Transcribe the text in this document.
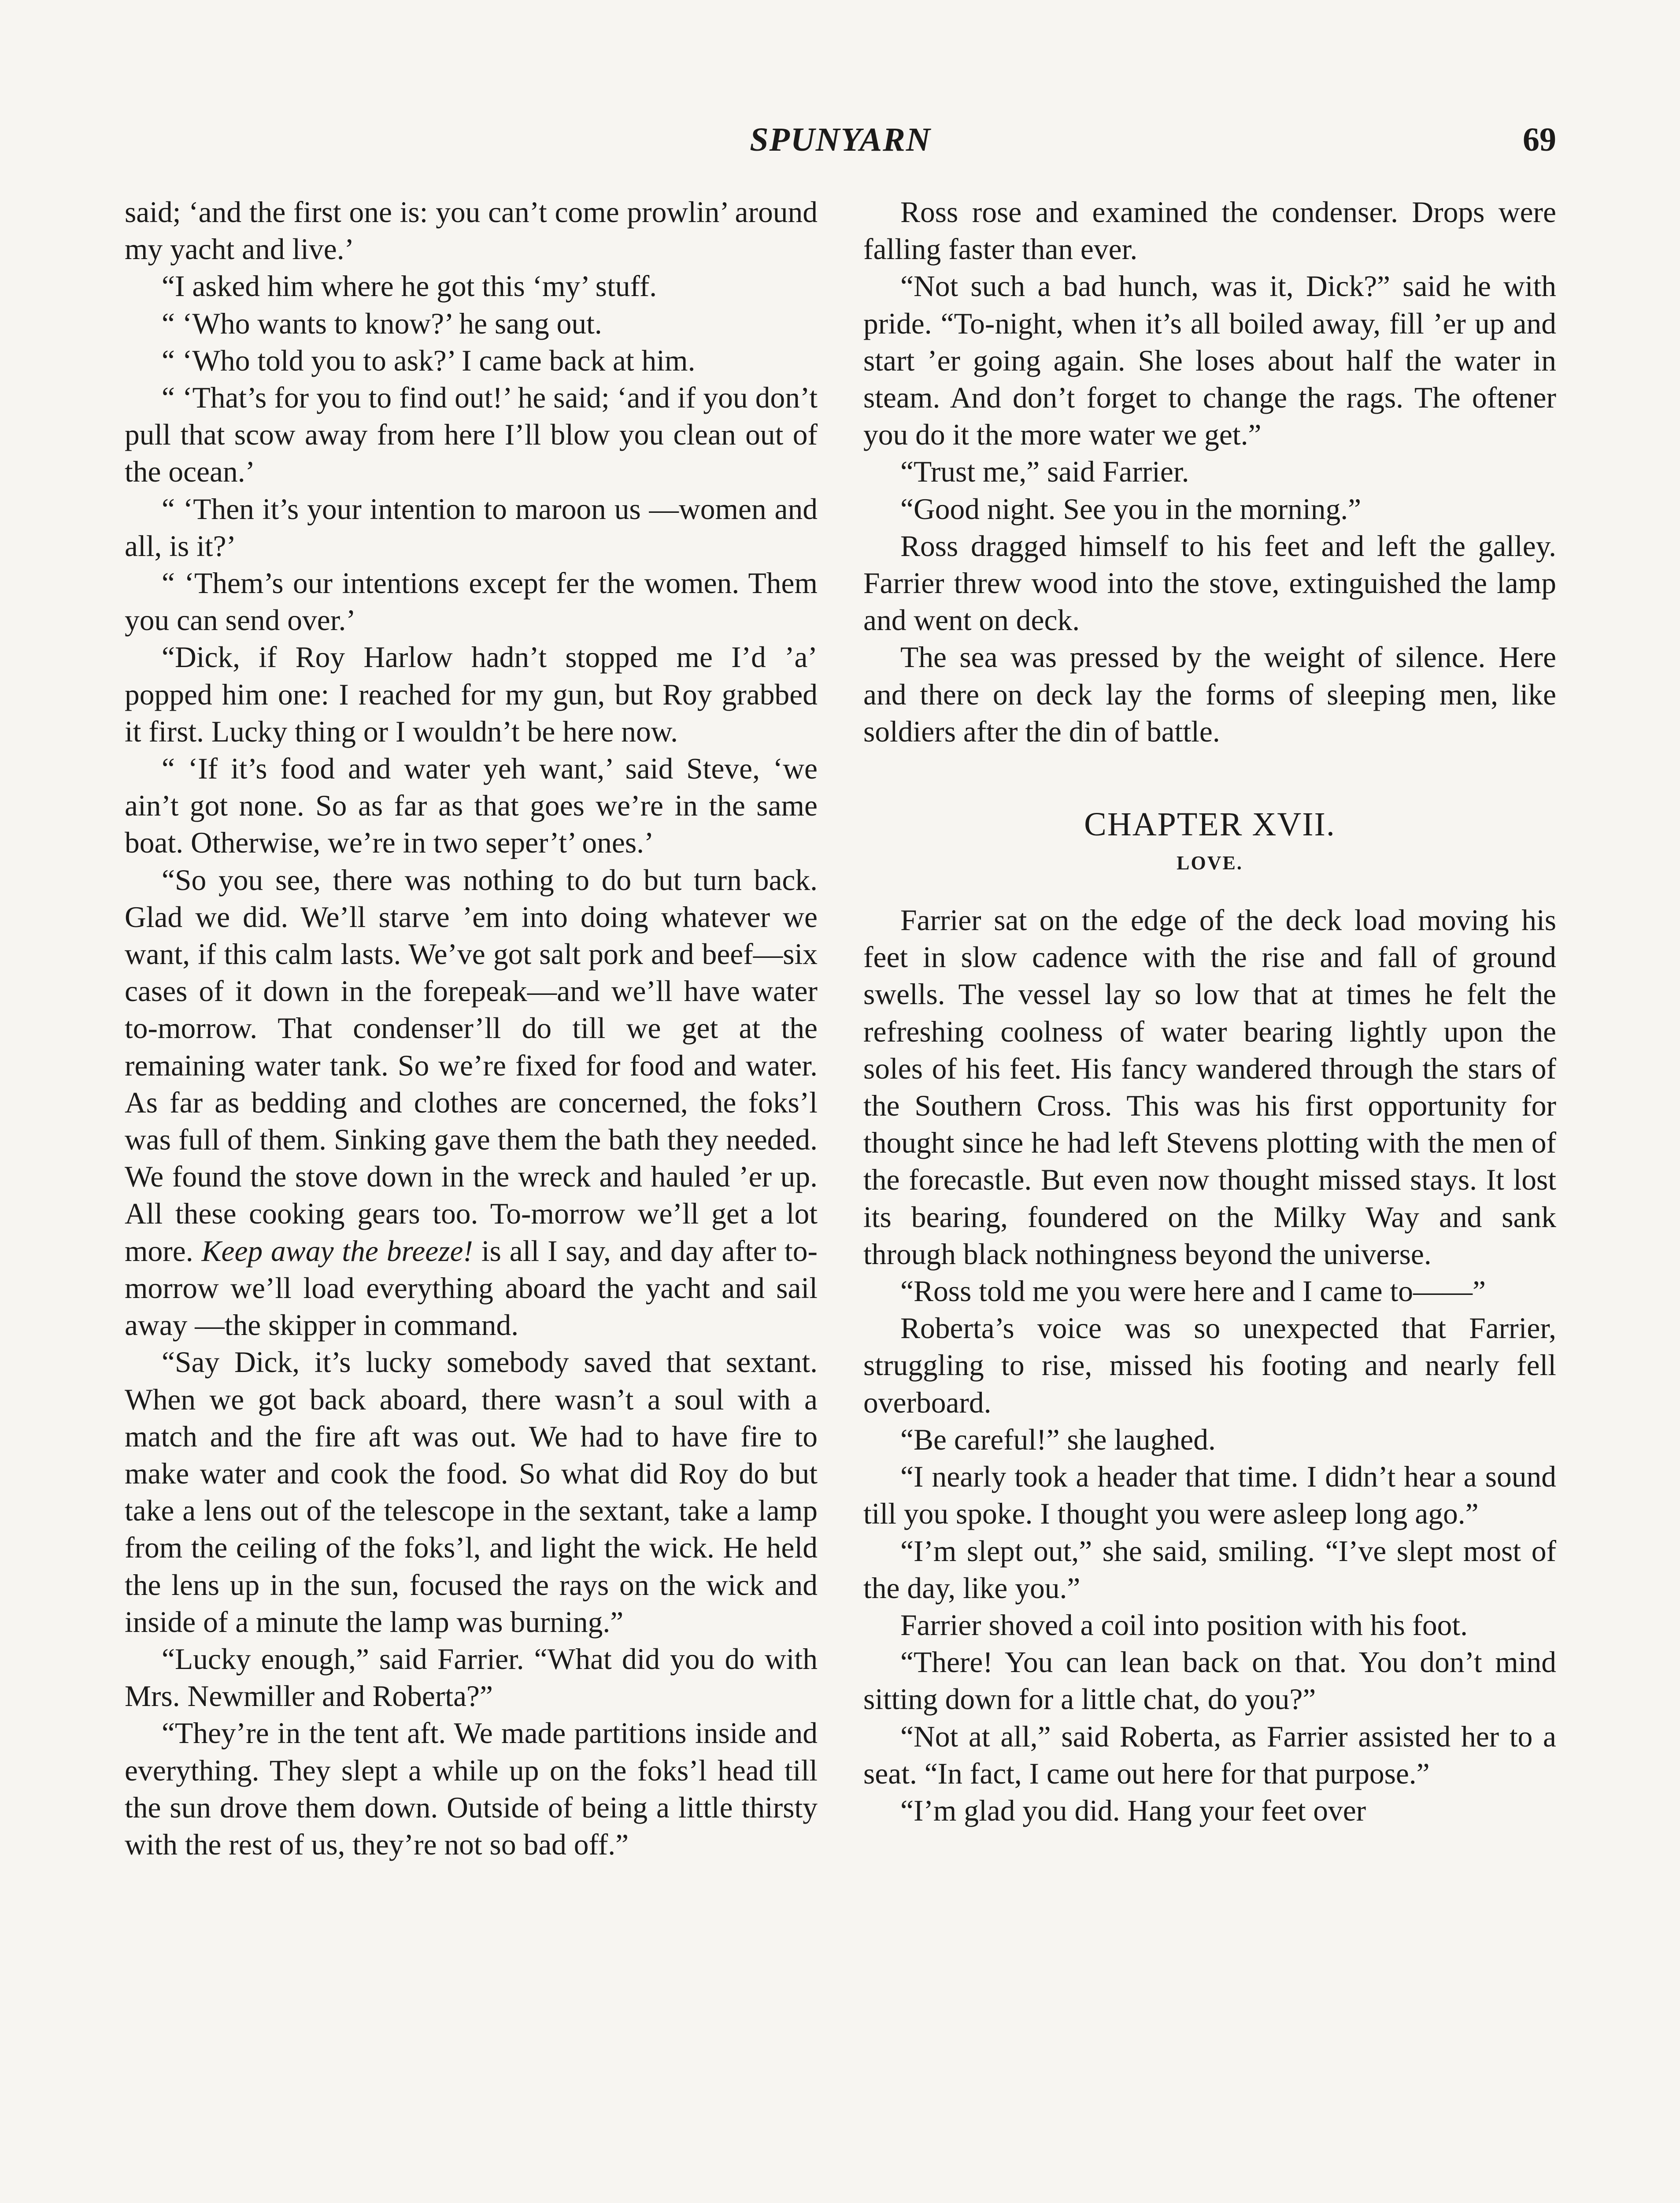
SPUNYARN	69

said; ‘and the first one is: you can’t come prowlin’ around my yacht and live.’

“I asked him where he got this ‘my’ stuff.

“ ‘Who wants to know?’ he sang out.

“ ‘Who told you to ask?’ I came back at him.

“ ‘That’s for you to find out!’ he said; ‘and if you don’t pull that scow away from here I’ll blow you clean out of the ocean.’

“ ‘Then it’s your intention to maroon us —women and all, is it?’

“ ‘Them’s our intentions except fer the women. Them you can send over.’

“Dick, if Roy Harlow hadn’t stopped me I’d ’a’ popped him one: I reached for my gun, but Roy grabbed it first. Lucky thing or I wouldn’t be here now.

“ ‘If it’s food and water yeh want,’ said Steve, ‘we ain’t got none. So as far as that goes we’re in the same boat. Otherwise, we’re in two seper’t’ ones.’

“So you see, there was nothing to do but turn back. Glad we did. We’ll starve ’em into doing whatever we want, if this calm lasts. We’ve got salt pork and beef—six cases of it down in the forepeak—and we’ll have water to-morrow. That condenser’ll do till we get at the remaining water tank. So we’re fixed for food and water. As far as bedding and clothes are concerned, the foks’l was full of them. Sinking gave them the bath they needed. We found the stove down in the wreck and hauled ’er up. All these cooking gears too. To-morrow we’ll get a lot more. Keep away the breeze! is all I say, and day after to-morrow we’ll load everything aboard the yacht and sail away —the skipper in command.

“Say Dick, it’s lucky somebody saved that sextant. When we got back aboard, there wasn’t a soul with a match and the fire aft was out. We had to have fire to make water and cook the food. So what did Roy do but take a lens out of the telescope in the sextant, take a lamp from the ceiling of the foks’l, and light the wick. He held the lens up in the sun, focused the rays on the wick and inside of a minute the lamp was burning.”

“Lucky enough,” said Farrier. “What did you do with Mrs. Newmiller and Roberta?”

“They’re in the tent aft. We made partitions inside and everything. They slept a while up on the foks’l head till the sun drove them down. Outside of being a little thirsty with the rest of us, they’re not so bad off.”

Ross rose and examined the condenser. Drops were falling faster than ever.

“Not such a bad hunch, was it, Dick?” said he with pride. “To-night, when it’s all boiled away, fill ’er up and start ’er going again. She loses about half the water in steam. And don’t forget to change the rags. The oftener you do it the more water we get.”

“Trust me,” said Farrier.

“Good night. See you in the morning.”

Ross dragged himself to his feet and left the galley. Farrier threw wood into the stove, extinguished the lamp and went on deck.

The sea was pressed by the weight of silence. Here and there on deck lay the forms of sleeping men, like soldiers after the din of battle.

CHAPTER XVII.
LOVE.

Farrier sat on the edge of the deck load moving his feet in slow cadence with the rise and fall of ground swells. The vessel lay so low that at times he felt the refreshing coolness of water bearing lightly upon the soles of his feet. His fancy wandered through the stars of the Southern Cross. This was his first opportunity for thought since he had left Stevens plotting with the men of the forecastle. But even now thought missed stays. It lost its bearing, foundered on the Milky Way and sank through black nothingness beyond the universe.

“Ross told me you were here and I came to——”

Roberta’s voice was so unexpected that Farrier, struggling to rise, missed his footing and nearly fell overboard.

“Be careful!” she laughed.

“I nearly took a header that time. I didn’t hear a sound till you spoke. I thought you were asleep long ago.”

“I’m slept out,” she said, smiling. “I’ve slept most of the day, like you.”

Farrier shoved a coil into position with his foot.

“There! You can lean back on that. You don’t mind sitting down for a little chat, do you?”

“Not at all,” said Roberta, as Farrier assisted her to a seat. “In fact, I came out here for that purpose.”

“I’m glad you did. Hang your feet over
